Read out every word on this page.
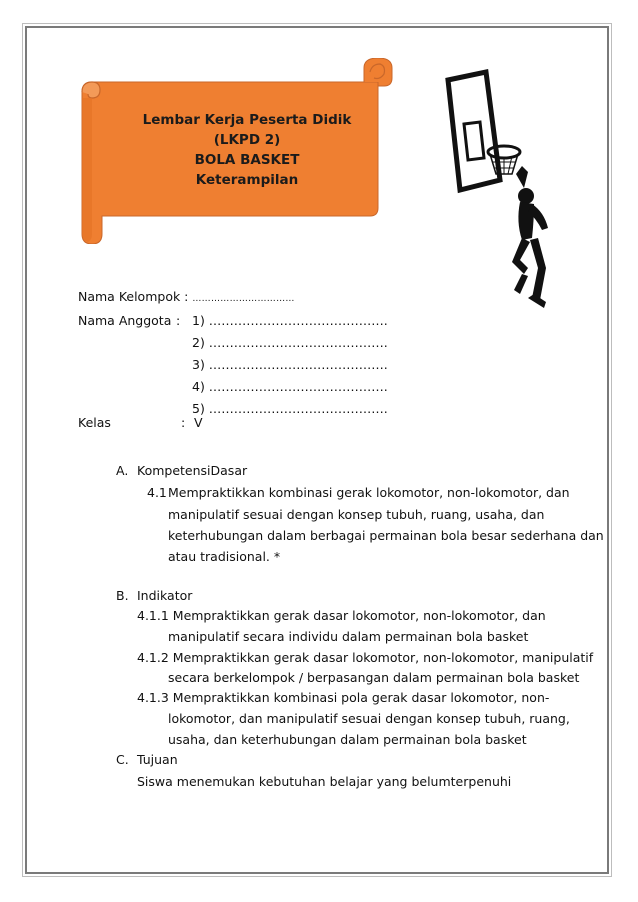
Lembar Kerja Peserta Didik
(LKPD 2)
BOLA BASKET
Keterampilan
Nama Kelompok : ……………………………
Nama Anggota : 1) …………………………………….
2) …………………………………….
3) …………………………………….
4) …………………………………….
5) …………………………………….
Kelas	: V
A. KompetensiDasar
4.1 Mempraktikkan kombinasi gerak lokomotor, non-lokomotor, dan
manipulatif sesuai dengan konsep tubuh, ruang, usaha, dan
keterhubungan dalam berbagai permainan bola besar sederhana dan
atau tradisional. *
B. Indikator
4.1.1 Mempraktikkan gerak dasar lokomotor, non-lokomotor, dan
manipulatif secara individu dalam permainan bola basket
4.1.2 Mempraktikkan gerak dasar lokomotor, non-lokomotor, manipulatif
secara berkelompok / berpasangan dalam permainan bola basket
4.1.3 Mempraktikkan kombinasi pola gerak dasar lokomotor, non-
lokomotor, dan manipulatif sesuai dengan konsep tubuh, ruang,
usaha, dan keterhubungan dalam permainan bola basket
C. Tujuan
Siswa menemukan kebutuhan belajar yang belumterpenuhi
